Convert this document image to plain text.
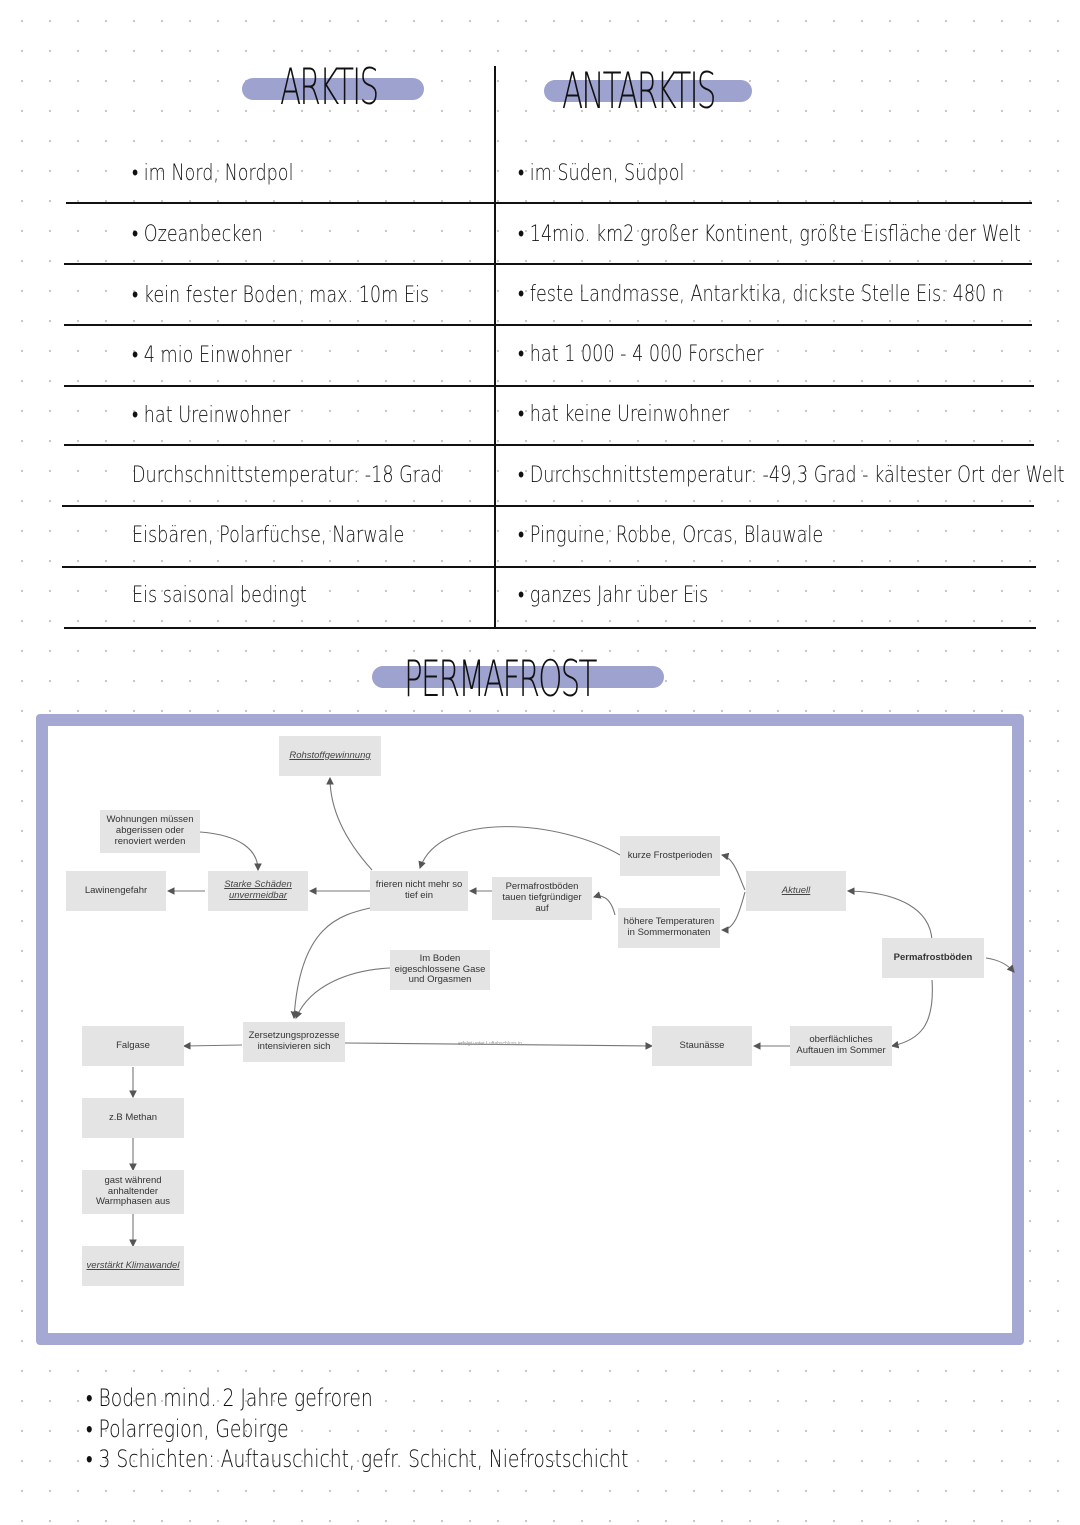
ARKTIS	ANTARKTIS
• im Nord, Nordpol	• im Süden, Südpol
• Ozeanbecken	• 14mio. km2 großer Kontinent, größte Eisfläche der Welt
• kein fester Boden, max. 10m Eis	• feste Landmasse, Antarktika, dickste Stelle Eis: 480 n
• 4 mio Einwohner	• hat 1 000 - 4 000 Forscher
• hat Ureinwohner	• hat keine Ureinwohner
Durchschnittstemperatur: -18 Grad	• Durchschnittstemperatur: -49,3 Grad - kältester Ort der Welt
Eisbären, Polarfüchse, Narwale	• Pinguine, Robbe, Orcas, Blauwale
Eis saisonal bedingt	• ganzes Jahr über Eis
PERMAFROST
Rohstoffgewinnung
Wohnungen müssen abgerissen oder renoviert werden
Lawinengefahr	Starke Schäden unvermeidbar
frieren nicht mehr so tief ein
Permafrostböden tauen tiefgründiger auf
kurze Frostperioden
höhere Temperaturen in Sommermonaten
Aktuell
Permafrostböden
Im Boden eigeschlossene Gase und Orgasmen
Falgase
Zersetzungsprozesse intensivieren sich	Staunässe	oberflächliches Auftauen im Sommer
z.B Methan
gast während anhaltender Warmphasen aus
verstärkt Klimawandel
erfolgt unter Luftabschluss in
• Boden mind. 2 Jahre gefroren
• Polarregion, Gebirge
• 3 Schichten: Auftauschicht, gefr. Schicht, Niefrostschicht
